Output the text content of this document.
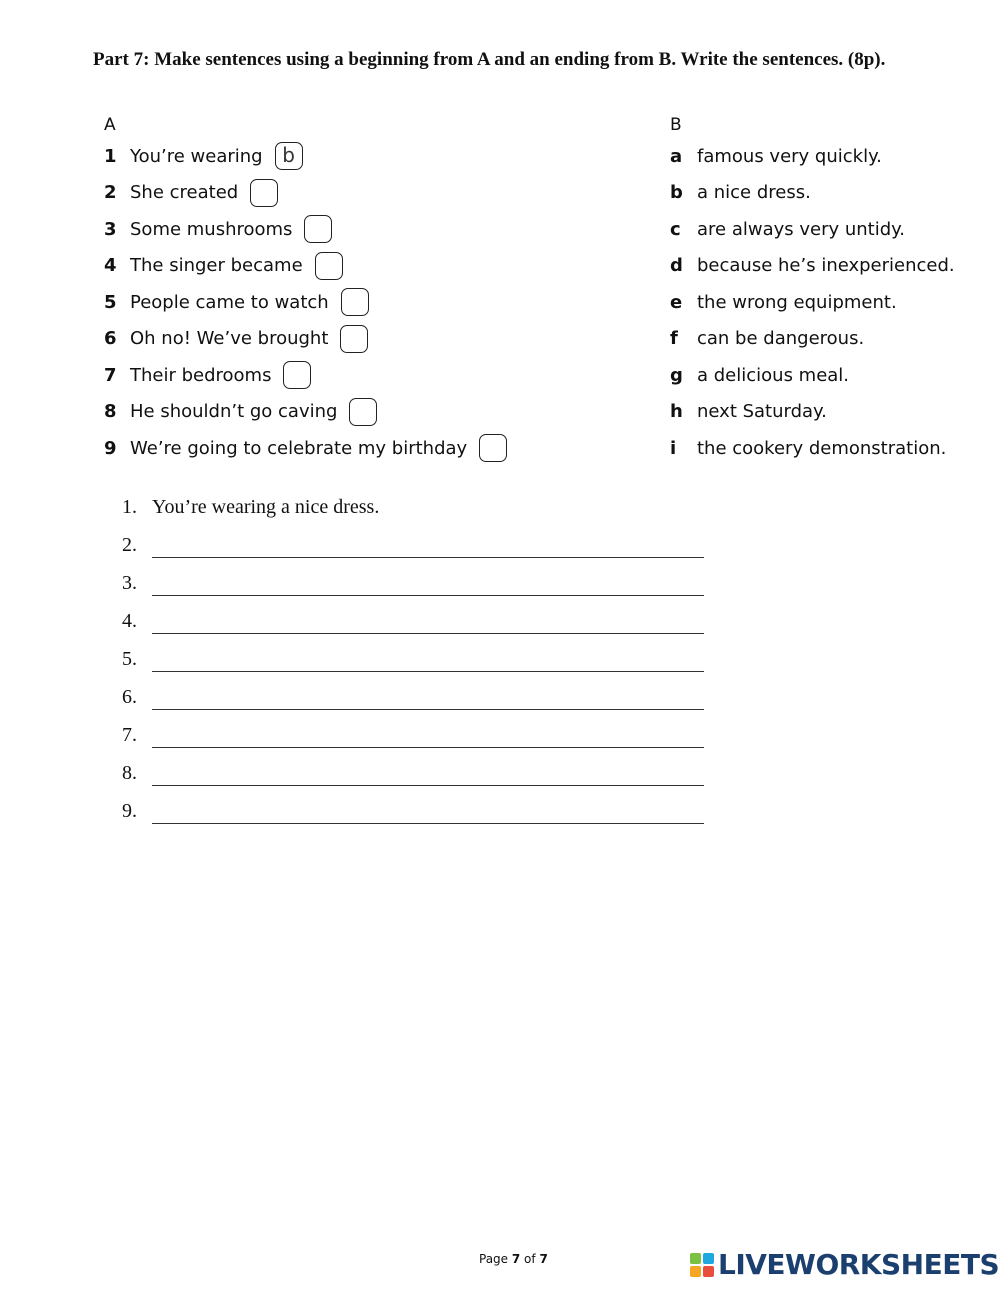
Part 7: Make sentences using a beginning from A and an ending from B. Write the sentences. (8p).
A
1 You’re wearing b
2 She created
3 Some mushrooms
4 The singer became
5 People came to watch
6 Oh no! We’ve brought
7 Their bedrooms
8 He shouldn’t go caving
9 We’re going to celebrate my birthday
B
a famous very quickly.
b a nice dress.
c are always very untidy.
d because he’s inexperienced.
e the wrong equipment.
f	can be dangerous.
g a delicious meal.
h next Saturday.
i	the cookery demonstration.
1. You’re wearing a nice dress.
2.
3.
4.
5.
6.
7.
8.
9.
Page 7 of 7	LIVEWORKSHEETS
